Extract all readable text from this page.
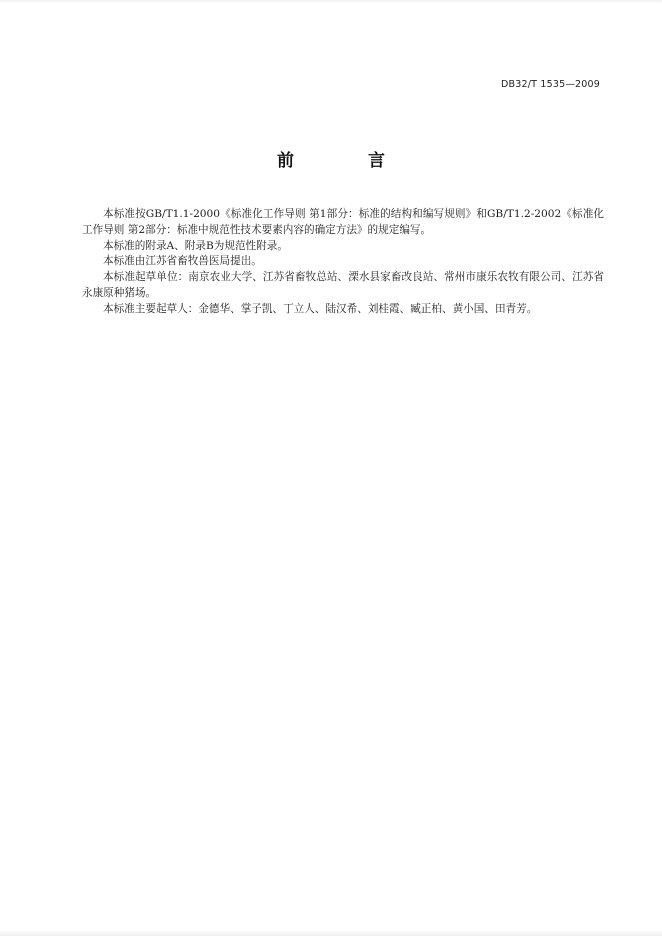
DB32/T 1535—2009
前 言

本标准按GB/T1.1-2000《标准化工作导则 第1部分：标准的结构和编写规则》和GB/T1.2-2002《标准化工作导则 第2部分：标准中规范性技术要素内容的确定方法》的规定编写。

本标准的附录A、附录B为规范性附录。

本标准由江苏省畜牧兽医局提出。

本标准起草单位：南京农业大学、江苏省畜牧总站、溧水县家畜改良站、常州市康乐农牧有限公司、江苏省永康原种猪场。

本标准主要起草人：金德华、掌子凯、丁立人、陆汉希、刘桂霞、臧正柏、黄小国、田青芳。
